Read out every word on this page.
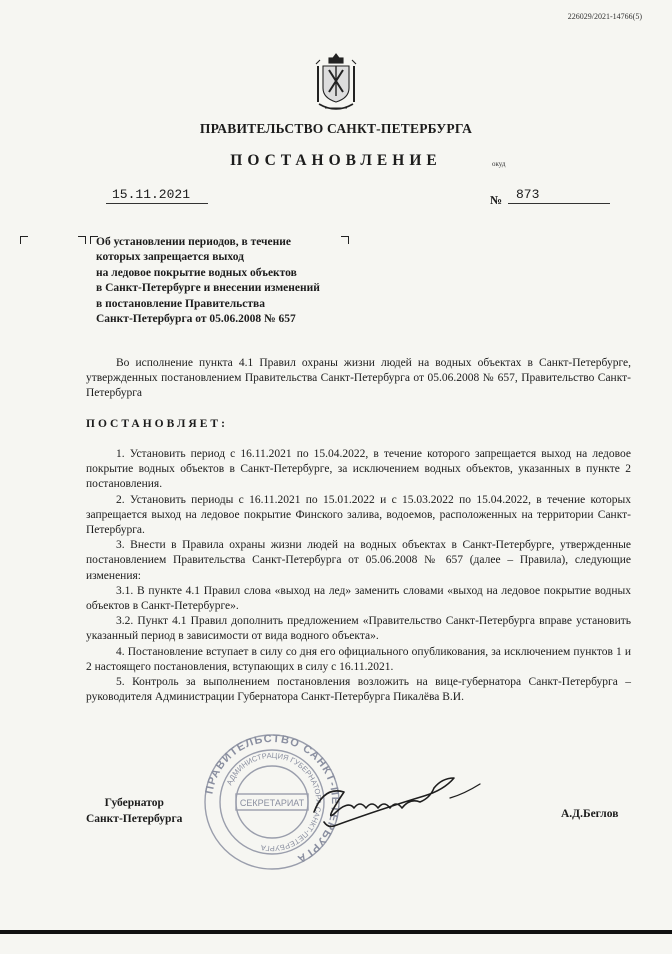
226029/2021-14766(5)
ПРАВИТЕЛЬСТВО САНКТ-ПЕТЕРБУРГА
ПОСТАНОВЛЕНИЕ	окуд
15.11.2021	№	873
Об установлении периодов, в течение
которых запрещается выход
на ледовое покрытие водных объектов
в Санкт-Петербурге и внесении изменений
в постановление Правительства
Санкт-Петербурга от 05.06.2008 № 657
Во исполнение пункта 4.1 Правил охраны жизни людей на водных объектах в Санкт-Петербурге, утвержденных постановлением Правительства Санкт-Петербурга от 05.06.2008 № 657, Правительство Санкт-Петербурга
ПОСТАНОВЛЯЕТ:

1. Установить период с 16.11.2021 по 15.04.2022, в течение которого запрещается выход на ледовое покрытие водных объектов в Санкт-Петербурге, за исключением водных объектов, указанных в пункте 2 постановления.

2. Установить периоды с 16.11.2021 по 15.01.2022 и с 15.03.2022 по 15.04.2022, в течение которых запрещается выход на ледовое покрытие Финского залива, водоемов, расположенных на территории Санкт-Петербурга.

3. Внести в Правила охраны жизни людей на водных объектах в Санкт-Петербурге, утвержденные постановлением Правительства Санкт-Петербурга от 05.06.2008 № 657 (далее – Правила), следующие изменения:

3.1. В пункте 4.1 Правил слова «выход на лед» заменить словами «выход на ледовое покрытие водных объектов в Санкт-Петербурге».

3.2. Пункт 4.1 Правил дополнить предложением «Правительство Санкт-Петербурга вправе установить указанный период в зависимости от вида водного объекта».

4. Постановление вступает в силу со дня его официального опубликования, за исключением пунктов 1 и 2 настоящего постановления, вступающих в силу с 16.11.2021.

5. Контроль за выполнением постановления возложить на вице-губернатора Санкт-Петербурга – руководителя Администрации Губернатора Санкт-Петербурга Пикалёва В.И.

ПРАВИТЕЛЬСТВО САНКТ-ПЕТЕРБУРГА
АДМИНИСТРАЦИЯ ГУБЕРНАТОРА САНКТ-ПЕТЕРБУРГА
СЕКРЕТАРИАТ
Губернатор
Санкт-Петербурга	А.Д.Беглов
